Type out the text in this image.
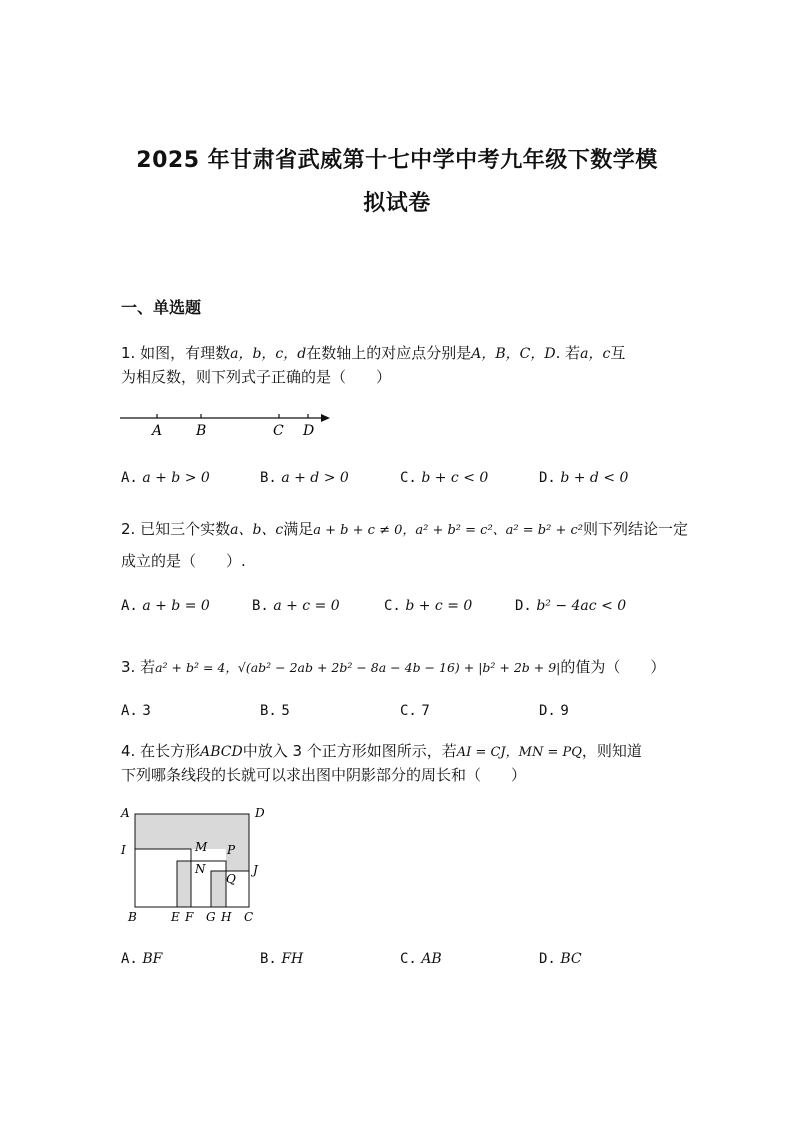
2025 年甘肃省武威第十七中学中考九年级下数学模
拟试卷
一、单选题
1. 如图，有理数a，b，c，d在数轴上的对应点分别是A，B，C，D. 若a，c互
为相反数，则下列式子正确的是（　　）
A B	C D
A. a + b > 0	B. a + d > 0	C. b + c < 0	D. b + d < 0
2. 已知三个实数a、b、c满足a + b + c ≠ 0，a² + b² = c²、a² = b² + c²则下列结论一定
成立的是（　　）.
A. a + b = 0	B. a + c = 0	C. b + c = 0	D. b² − 4ac < 0
3. 若a² + b² = 4，√(ab² − 2ab + 2b² − 8a − 4b − 16) + |b² + 2b + 9|的值为（　　）
A. 3	B. 5	C. 7	D. 9
4. 在长方形ABCD中放入 3 个正方形如图所示，若AI = CJ，MN = PQ，则知道
下列哪条线段的长就可以求出图中阴影部分的周长和（　　）
A	D
I	M P
N	J
Q
B	E F G H C
A. BF	B. FH	C. AB	D. BC
